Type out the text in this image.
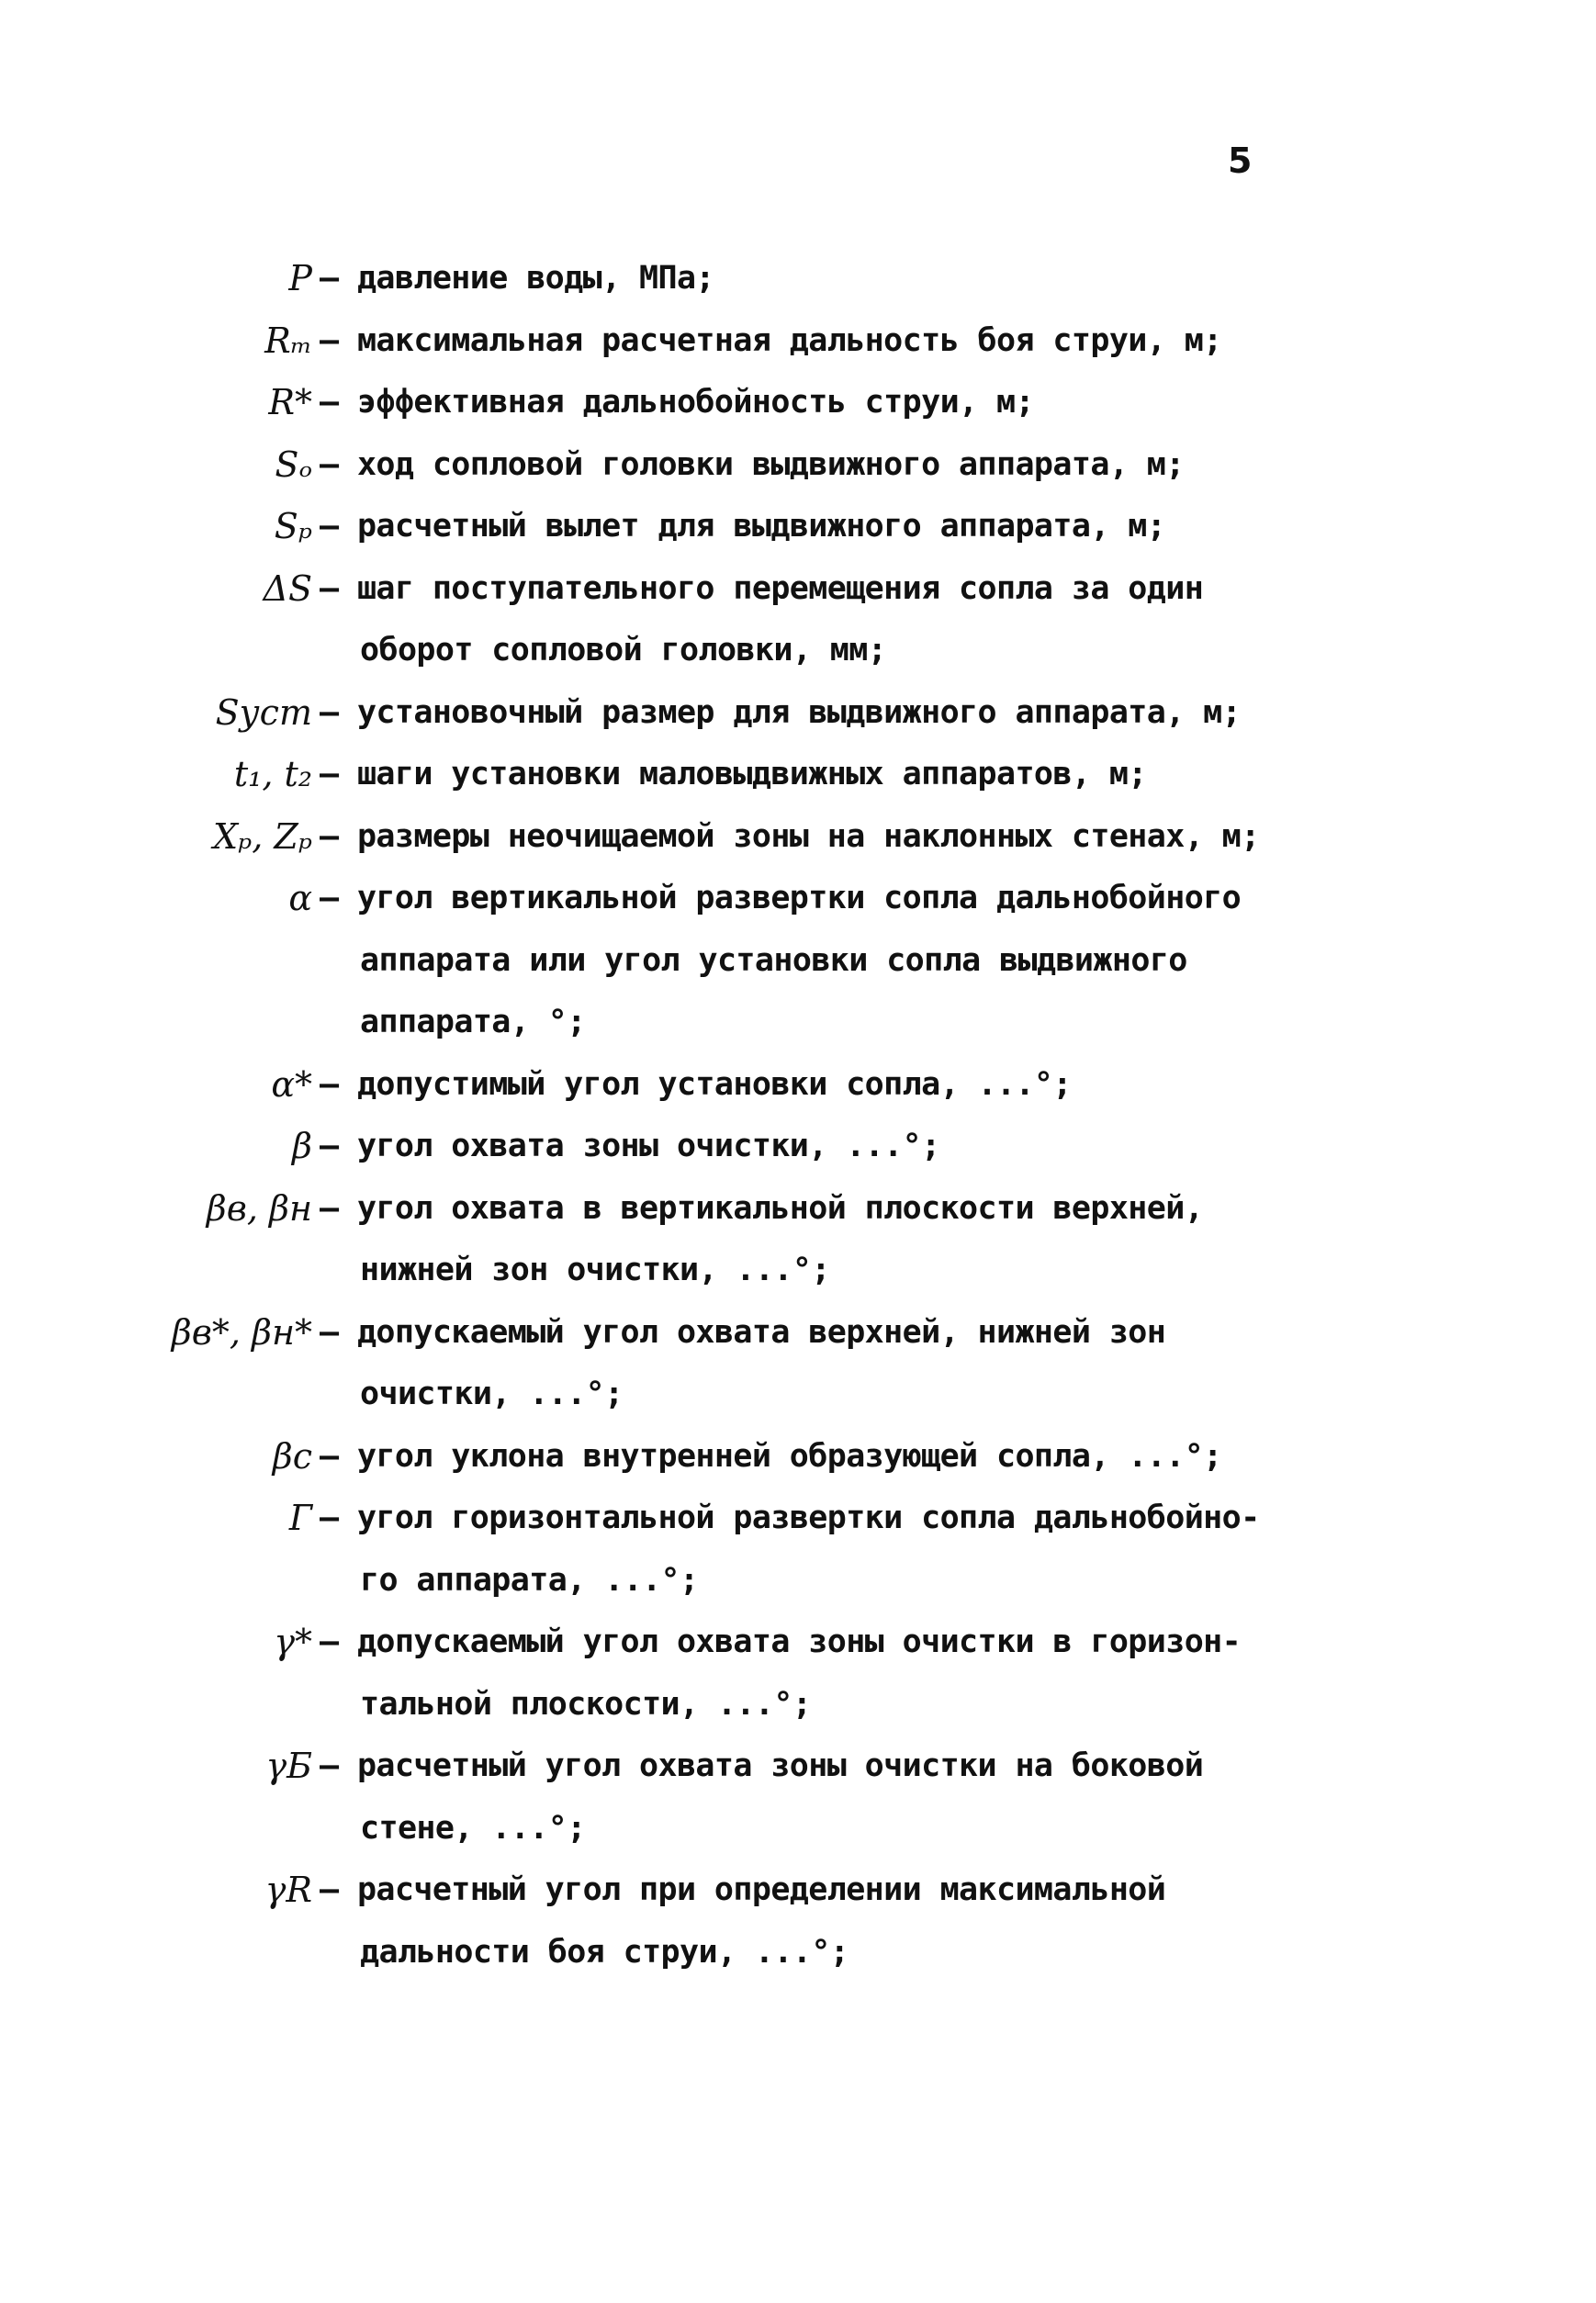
5
P – давление воды, МПа;
Rₘ – максимальная расчетная дальность боя струи, м;
R* – эффективная дальнобойность струи, м;
Sₒ – ход сопловой головки выдвижного аппарата, м;
Sₚ – расчетный вылет для выдвижного аппарата, м;
ΔS – шаг поступательного перемещения сопла за один
оборот сопловой головки, мм;
Sуст – установочный размер для выдвижного аппарата, м;
t₁, t₂ – шаги установки маловыдвижных аппаратов, м;
Xₚ, Zₚ – размеры неочищаемой зоны на наклонных стенах, м;
α – угол вертикальной развертки сопла дальнобойного
аппарата или угол установки сопла выдвижного
аппарата, °;
α* – допустимый угол установки сопла, ...°;
β – угол охвата зоны очистки, ...°;
βв, βн – угол охвата в вертикальной плоскости верхней,
нижней зон очистки, ...°;
βв*, βн* – допускаемый угол охвата верхней, нижней зон
очистки, ...°;
βс – угол уклона внутренней образующей сопла, ...°;
Г – угол горизонтальной развертки сопла дальнобойно-
го аппарата, ...°;
γ* – допускаемый угол охвата зоны очистки в горизон-
тальной плоскости, ...°;
γБ – расчетный угол охвата зоны очистки на боковой
стене, ...°;
γR – расчетный угол при определении максимальной
дальности боя струи, ...°;
